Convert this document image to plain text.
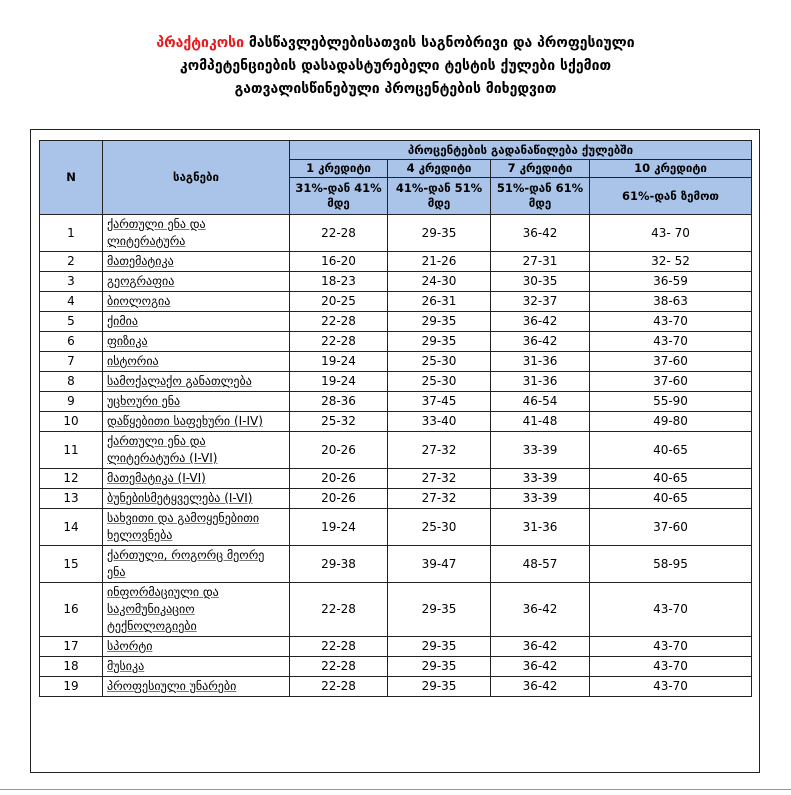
პრაქტიკოსი მასწავლებლებისათვის საგნობრივი და პროფესიული
კომპეტენციების დასადასტურებელი ტესტის ქულები სქემით
გათვალისწინებული პროცენტების მიხედვით
N	საგნები	პროცენტების გადანაწილება ქულებში			
		1 კრედიტი	4 კრედიტი	7 კრედიტი	10 კრედიტი
		31%-დან 41% მდე	41%-დან 51% მდე	51%-დან 61% მდე	61%-დან ზემოთ
1	ქართული ენა და ლიტერატურა	22-28	29-35	36-42	43- 70
2	მათემატიკა	16-20	21-26	27-31	32- 52
3	გეოგრაფია	18-23	24-30	30-35	36-59
4	ბიოლოგია	20-25	26-31	32-37	38-63
5	ქიმია	22-28	29-35	36-42	43-70
6	ფიზიკა	22-28	29-35	36-42	43-70
7	ისტორია	19-24	25-30	31-36	37-60
8	სამოქალაქო განათლება	19-24	25-30	31-36	37-60
9	უცხოური ენა	28-36	37-45	46-54	55-90
10	დაწყებითი საფეხური (I-IV)	25-32	33-40	41-48	49-80
11	ქართული ენა და ლიტერატურა (I-VI)	20-26	27-32	33-39	40-65
12	მათემატიკა (I-VI)	20-26	27-32	33-39	40-65
13	ბუნებისმეტყველება (I-VI)	20-26	27-32	33-39	40-65
14	სახვითი და გამოყენებითი ხელოვნება	19-24	25-30	31-36	37-60
15	ქართული, როგორც მეორე ენა	29-38	39-47	48-57	58-95
16	ინფორმაციული და საკომუნიკაციო ტექნოლოგიები	22-28	29-35	36-42	43-70
17	სპორტი	22-28	29-35	36-42	43-70
18	მუსიკა	22-28	29-35	36-42	43-70
19	პროფესიული უნარები	22-28	29-35	36-42	43-70
